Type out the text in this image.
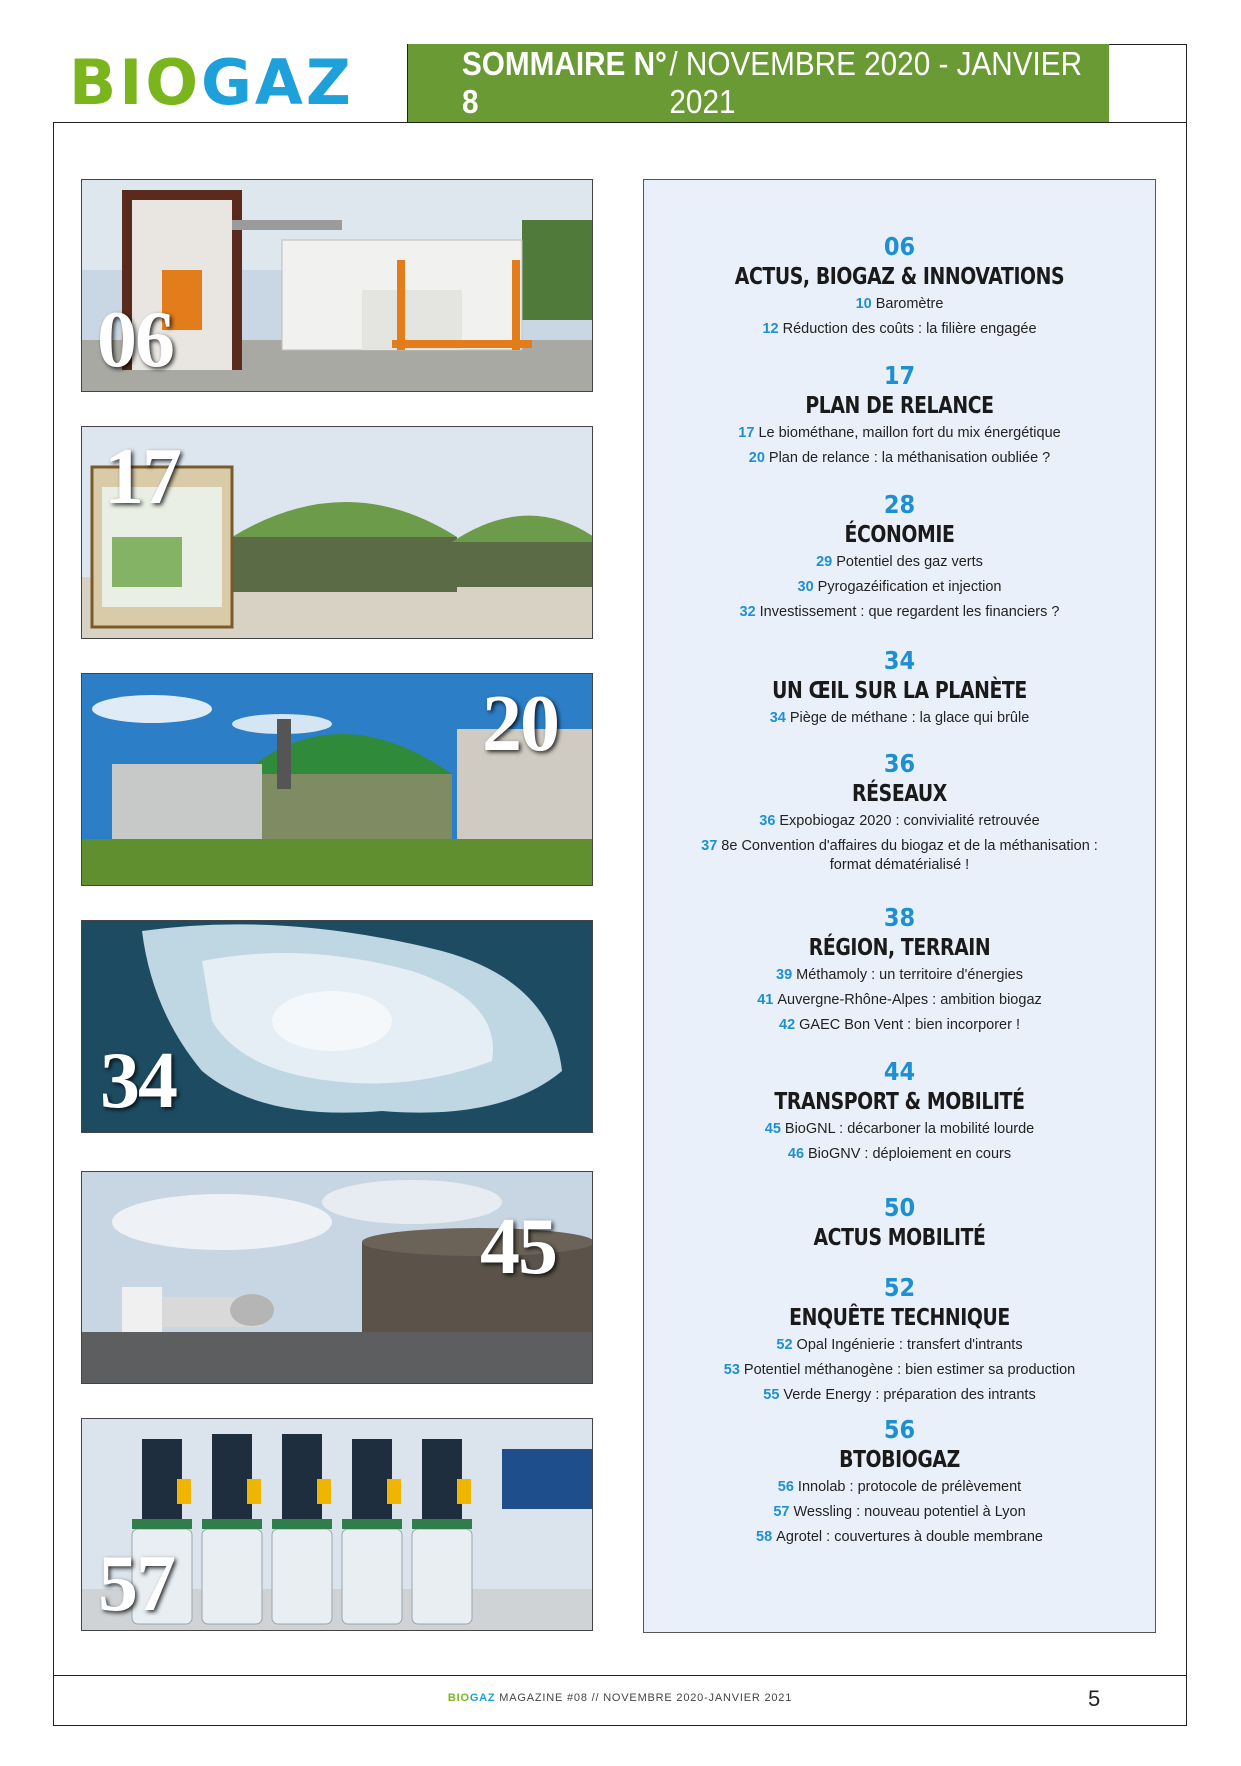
BIOGAZ	SOMMAIRE N° 8
/ NOVEMBRE 2020 - JANVIER 2021
06
17
20
34
45
57
06
ACTUS, BIOGAZ & INNOVATIONS
10 Baromètre
12 Réduction des coûts : la filière engagée
17
PLAN DE RELANCE
17 Le biométhane, maillon fort du mix énergétique
20 Plan de relance : la méthanisation oubliée ?
28
ÉCONOMIE
29 Potentiel des gaz verts
30 Pyrogazéification et injection
32 Investissement : que regardent les financiers ?
34
UN ŒIL SUR LA PLANÈTE
34 Piège de méthane : la glace qui brûle
36
RÉSEAUX
36 Expobiogaz 2020 : convivialité retrouvée
37 8e Convention d'affaires du biogaz et de la méthanisation : format dématérialisé !
38
RÉGION, TERRAIN
39 Méthamoly : un territoire d'énergies
41 Auvergne-Rhône-Alpes : ambition biogaz
42 GAEC Bon Vent : bien incorporer !
44
TRANSPORT & MOBILITÉ
45 BioGNL : décarboner la mobilité lourde
46 BioGNV : déploiement en cours
50
ACTUS MOBILITÉ
52
ENQUÊTE TECHNIQUE
52 Opal Ingénierie : transfert d'intrants
53 Potentiel méthanogène : bien estimer sa production
55 Verde Energy : préparation des intrants
56
BTOBIOGAZ
56 Innolab : protocole de prélèvement
57 Wessling : nouveau potentiel à Lyon
58 Agrotel : couvertures à double membrane
BIOGAZ MAGAZINE #08 // NOVEMBRE 2020-JANVIER 2021	5
